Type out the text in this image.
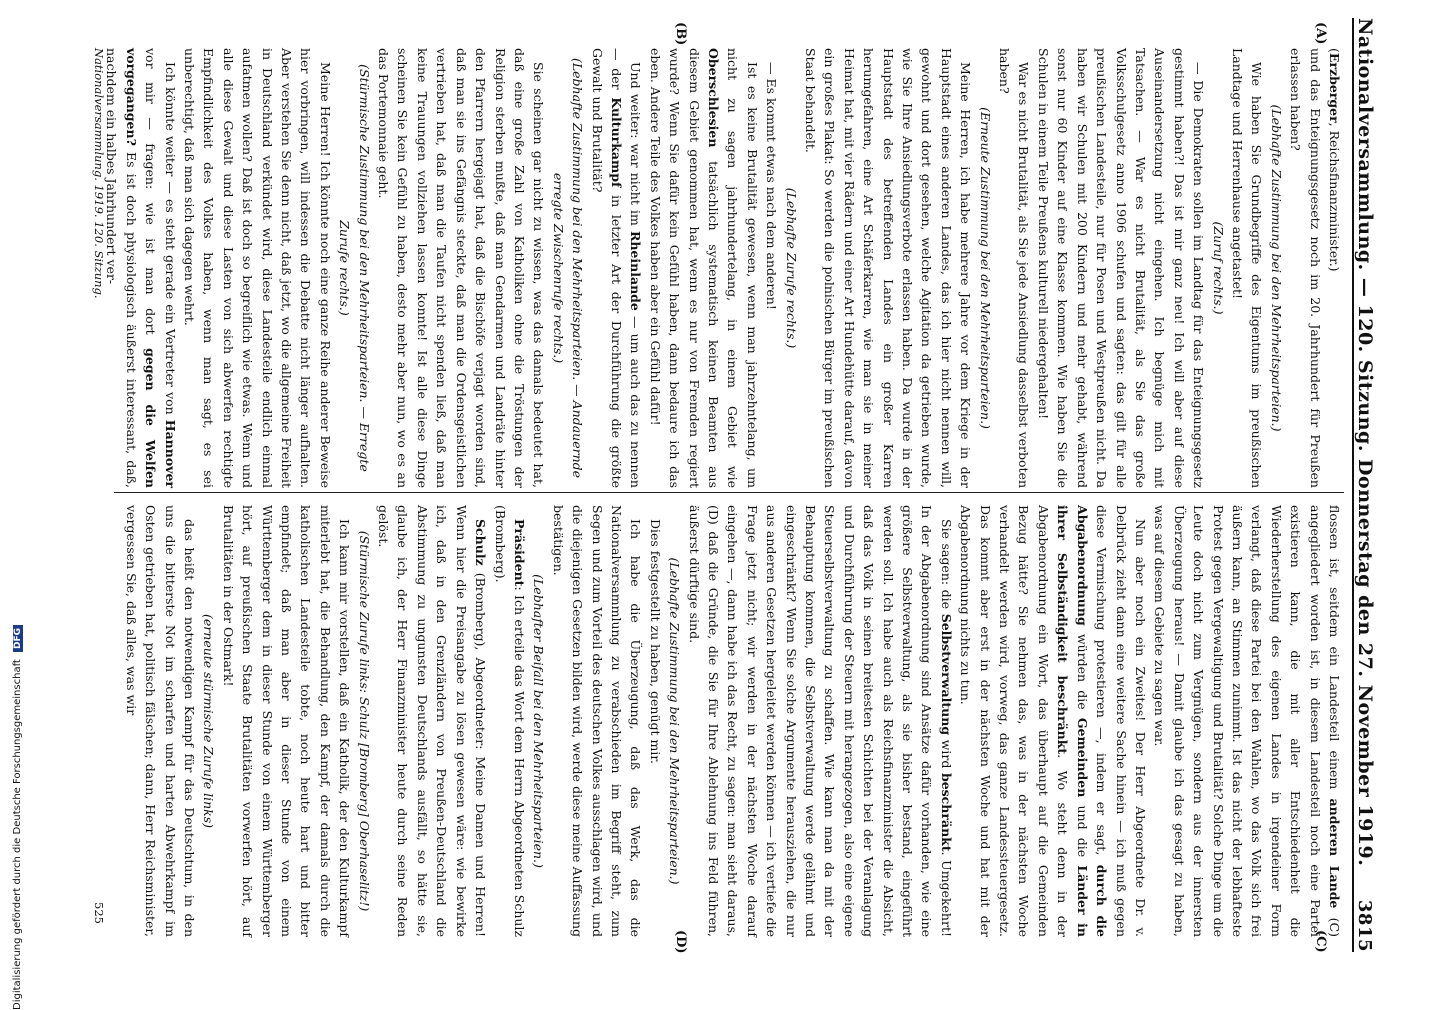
Nationalversammlung. — 120. Sitzung. Donnerstag den 27. November 1919.
3815

(Erzberger, Reichsfinanzminister.)

und das Enteignungsgesetz noch im 20. Jahrhundert für Preußen erlassen haben?

(Lebhafte Zustimmung bei den Mehrheitsparteien.)

Wie haben Sie Grundbegriffe des Eigentums im preußischen Landtage und Herrenhause angetastet!

(Zuruf rechts.)

— Die Demokraten sollen im Landtag für das Enteignungsgesetz gestimmt haben?! Das ist mir ganz neu! Ich will aber auf diese Auseinandersetzung nicht eingehen. Ich begnüge mich mit Tatsachen. — War es nicht Brutalität, als Sie das große Volksschulgesetz anno 1906 schufen und sagten: das gilt für alle preußischen Landesteile, nur für Posen und Westpreußen nicht. Da haben wir Schulen mit 200 Kindern und mehr gehabt, während sonst nur 60 Kinder auf eine Klasse kommen. Wie haben Sie die Schulen in einem Teile Preußens kulturell niedergehalten!

War es nicht Brutalität, als Sie jede Ansiedlung dasselbst verboten haben?

(Erneute Zustimmung bei den Mehrheitsparteien.)

Meine Herren, ich habe mehrere Jahre vor dem Kriege in der Hauptstadt eines anderen Landes, das ich hier nicht nennen will, gewohnt und dort gesehen, welche Agitation da getrieben wurde, wie Sie Ihre Ansiedlungsverbote erlassen haben. Da wurde in der Hauptstadt des betreffenden Landes ein großer Karren herumgefahren, eine Art Schäferkarren, wie man sie in meiner Heimat hat, mit vier Rädern und einer Art Hundehütte darauf, davon ein großes Plakat: So werden die polnischen Bürger im preußischen Staat behandelt.

(Lebhafte Zurufe rechts.)

— Es kommt etwas nach dem anderen!

Ist es keine Brutalität gewesen, wenn man jahrzehntelang, um nicht zu sagen jahrhundertelang, in einem Gebiet wie Oberschlesien tatsächlich systematisch keinen Beamten aus diesem Gebiet genommen hat, wenn es nur von Fremden regiert wurde? Wenn Sie dafür kein Gefühl haben, dann bedaure ich das eben. Andere Teile des Volkes haben aber ein Gefühl dafür!

Und weiter: war nicht im Rheinlande — um auch das zu nennen — der Kulturkampf in letzter Art der Durchführung die größte Gewalt und Brutalität?

(Lebhafte Zustimmung bei den Mehrheitsparteien. — Andauernde erregte Zwischenrufe rechts.)

Sie scheinen gar nicht zu wissen, was das damals bedeutet hat, daß eine große Zahl von Katholiken ohne die Tröstungen der Religion sterben mußte, daß man Gendarmen und Landräte hinter den Pfarrern hergejagt hat, daß die Bischöfe verjagt worden sind, daß man sie ins Gefängnis steckte, daß man die Ordensgeistlichen vertrieben hat, daß man die Taufen nicht spenden ließ, daß man keine Trauungen vollziehen lassen konnte! Ist alle diese Dinge scheinen Sie kein Gefühl zu haben, desto mehr aber nun, wo es an das Portemonnaie geht.

(Stürmische Zustimmung bei den Mehrheitsparteien. — Erregte Zurufe rechts.)

Meine Herren! Ich könnte noch eine ganze Reihe anderer Beweise hier vorbringen, will indessen die Debatte nicht länger aufhalten. Aber verstehen Sie denn nicht, daß jetzt, wo die allgemeine Freiheit in Deutschland verkündet wird, diese Landesteile endlich einmal aufatmen wollen? Daß ist doch so begreiflich wie etwas. Wenn und alle diese Gewalt und diese Lasten von sich abwerfen rechtigte Empfindlichkeit des Volkes haben, wenn man sagt, es sei unberechtigt, daß man sich dagegen wehrt.

Ich könnte weiter — es steht gerade ein Vertreter von Hannover vor mir — fragen: wie ist man dort gegen die Welfen vorgegangen? Es ist doch physiologisch äußerst interessant, daß, nachdem ein halbes Jahrhundert ver-

flossen ist, seitdem ein Landesteil einem anderen Lande (C) angegliedert worden ist, in diesem Landesteil noch eine Partei existieren kann, die mit aller Entschiedenheit die Wiederherstellung des eigenen Landes in irgendeiner Form verlangt, daß diese Partei bei den Wahlen, wo das Volk sich frei äußern kann, an Stimmen zunimmt. Ist das nicht der lebhafteste Protest gegen Vergewaltigung und Brutalität? Solche Dinge um die Leute doch nicht zum Vergnügen, sondern aus der innersten Überzeugung heraus! — Damit glaube ich das gesagt zu haben, was auf diesem Gebiete zu sagen war.

Nun aber noch ein Zweites! Der Herr Abgeordnete Dr. v. Delbrück zieht dann eine weitere Sache hinein — ich muß gegen diese Vermischung protestieren —, indem er sagt, durch die Abgabenordnung würden die Gemeinden und die Länder in ihrer Selbständigkeit beschränkt. Wo steht denn in der Abgabenordnung ein Wort, das überhaupt auf die Gemeinden Bezug hätte? Sie nehmen das, was in der nächsten Woche verhandelt werden wird, vorweg, das ganze Landessteuergesetz. Das kommt aber erst in der nächsten Woche und hat mit der Abgabenordnung nichts zu tun.

Sie sagen: die Selbstverwaltung wird beschränkt. Umgekehrt! In der Abgabenordnung sind Ansätze dafür vorhanden, wie eine größere Selbstverwaltung, als sie bisher bestand, eingeführt werden soll. Ich habe auch als Reichsfinanzminister die Absicht, daß das Volk in seinen breitesten Schichten bei der Veranlagung und Durchführung der Steuern mit herangezogen, also eine eigene Steuerselbstverwaltung zu schaffen. Wie kann man da mit der Behauptung kommen, die Selbstverwaltung werde gelähmt und eingeschränkt? Wenn Sie solche Argumente herausziehen, die nur aus anderen Gesetzen hergeleitet werden können — ich vertiefe die Frage jetzt nicht; wir werden in der nächsten Woche darauf eingehen —, dann habe ich das Recht, zu sagen: man sieht daraus, (D) daß die Gründe, die Sie für Ihre Ablehnung ins Feld führen, äußerst dürftige sind.

(Lebhafte Zustimmung bei den Mehrheitsparteien.)

Dies festgestellt zu haben, genügt mir.

Ich habe die Überzeugung, daß das Werk, das die Nationalversammlung zu verabschieden im Begriff steht, zum Segen und zum Vorteil des deutschen Volkes ausschlagen wird, und die diejenigen Gesetzen bilden wird, werde diese meine Auffassung bestätigen.

(Lebhafter Beifall bei den Mehrheitsparteien.)

Präsident: Ich erteile das Wort dem Herrn Abgeordneten Schulz (Bromberg).

Schulz (Bromberg), Abgeordneter: Meine Damen und Herren! Wenn hier die Preisangabe zu lösen gewesen wäre: wie bewirke ich, daß in den Grenzländern von Preußen-Deutschland die Abstimmung zu ungunsten Deutschlands ausfällt, so hätte sie, glaube ich, der Herr Finanzminister heute durch seine Reden gelöst.

(Stürmische Zurufe links: Schulz [Bromberg] Oberhaselitz!)

Ich kann mir vorstellen, daß ein Katholik, der den Kulturkampf miterlebt hat, die Behandlung, den Kampf, der damals durch die katholischen Landesteile tobte, noch heute hart und bitter empfindet; daß man aber in dieser Stunde von einem Württemberger dem in dieser Stunde von einem Württemberger hört, auf preußischen Staate Brutalitäten vorwerfen hört, auf Brutalitäten in der Ostmark!

(erneute stürmische Zurufe links)

das heißt den notwendigen Kampf für das Deutschtum, in den uns die bitterste Not im scharfen und harten Abwehrkampf im Osten getrieben hat, politisch fälschen; dann, Herr Reichsminister, vergessen Sie, daß alles, was wir

Nationalversammlung. 1919. 120. Sitzung.
525
(A)
(B)
(C)
(D)
Digitalisierung gefördert durch die Deutsche Forschungsgemeinschaft DFG
